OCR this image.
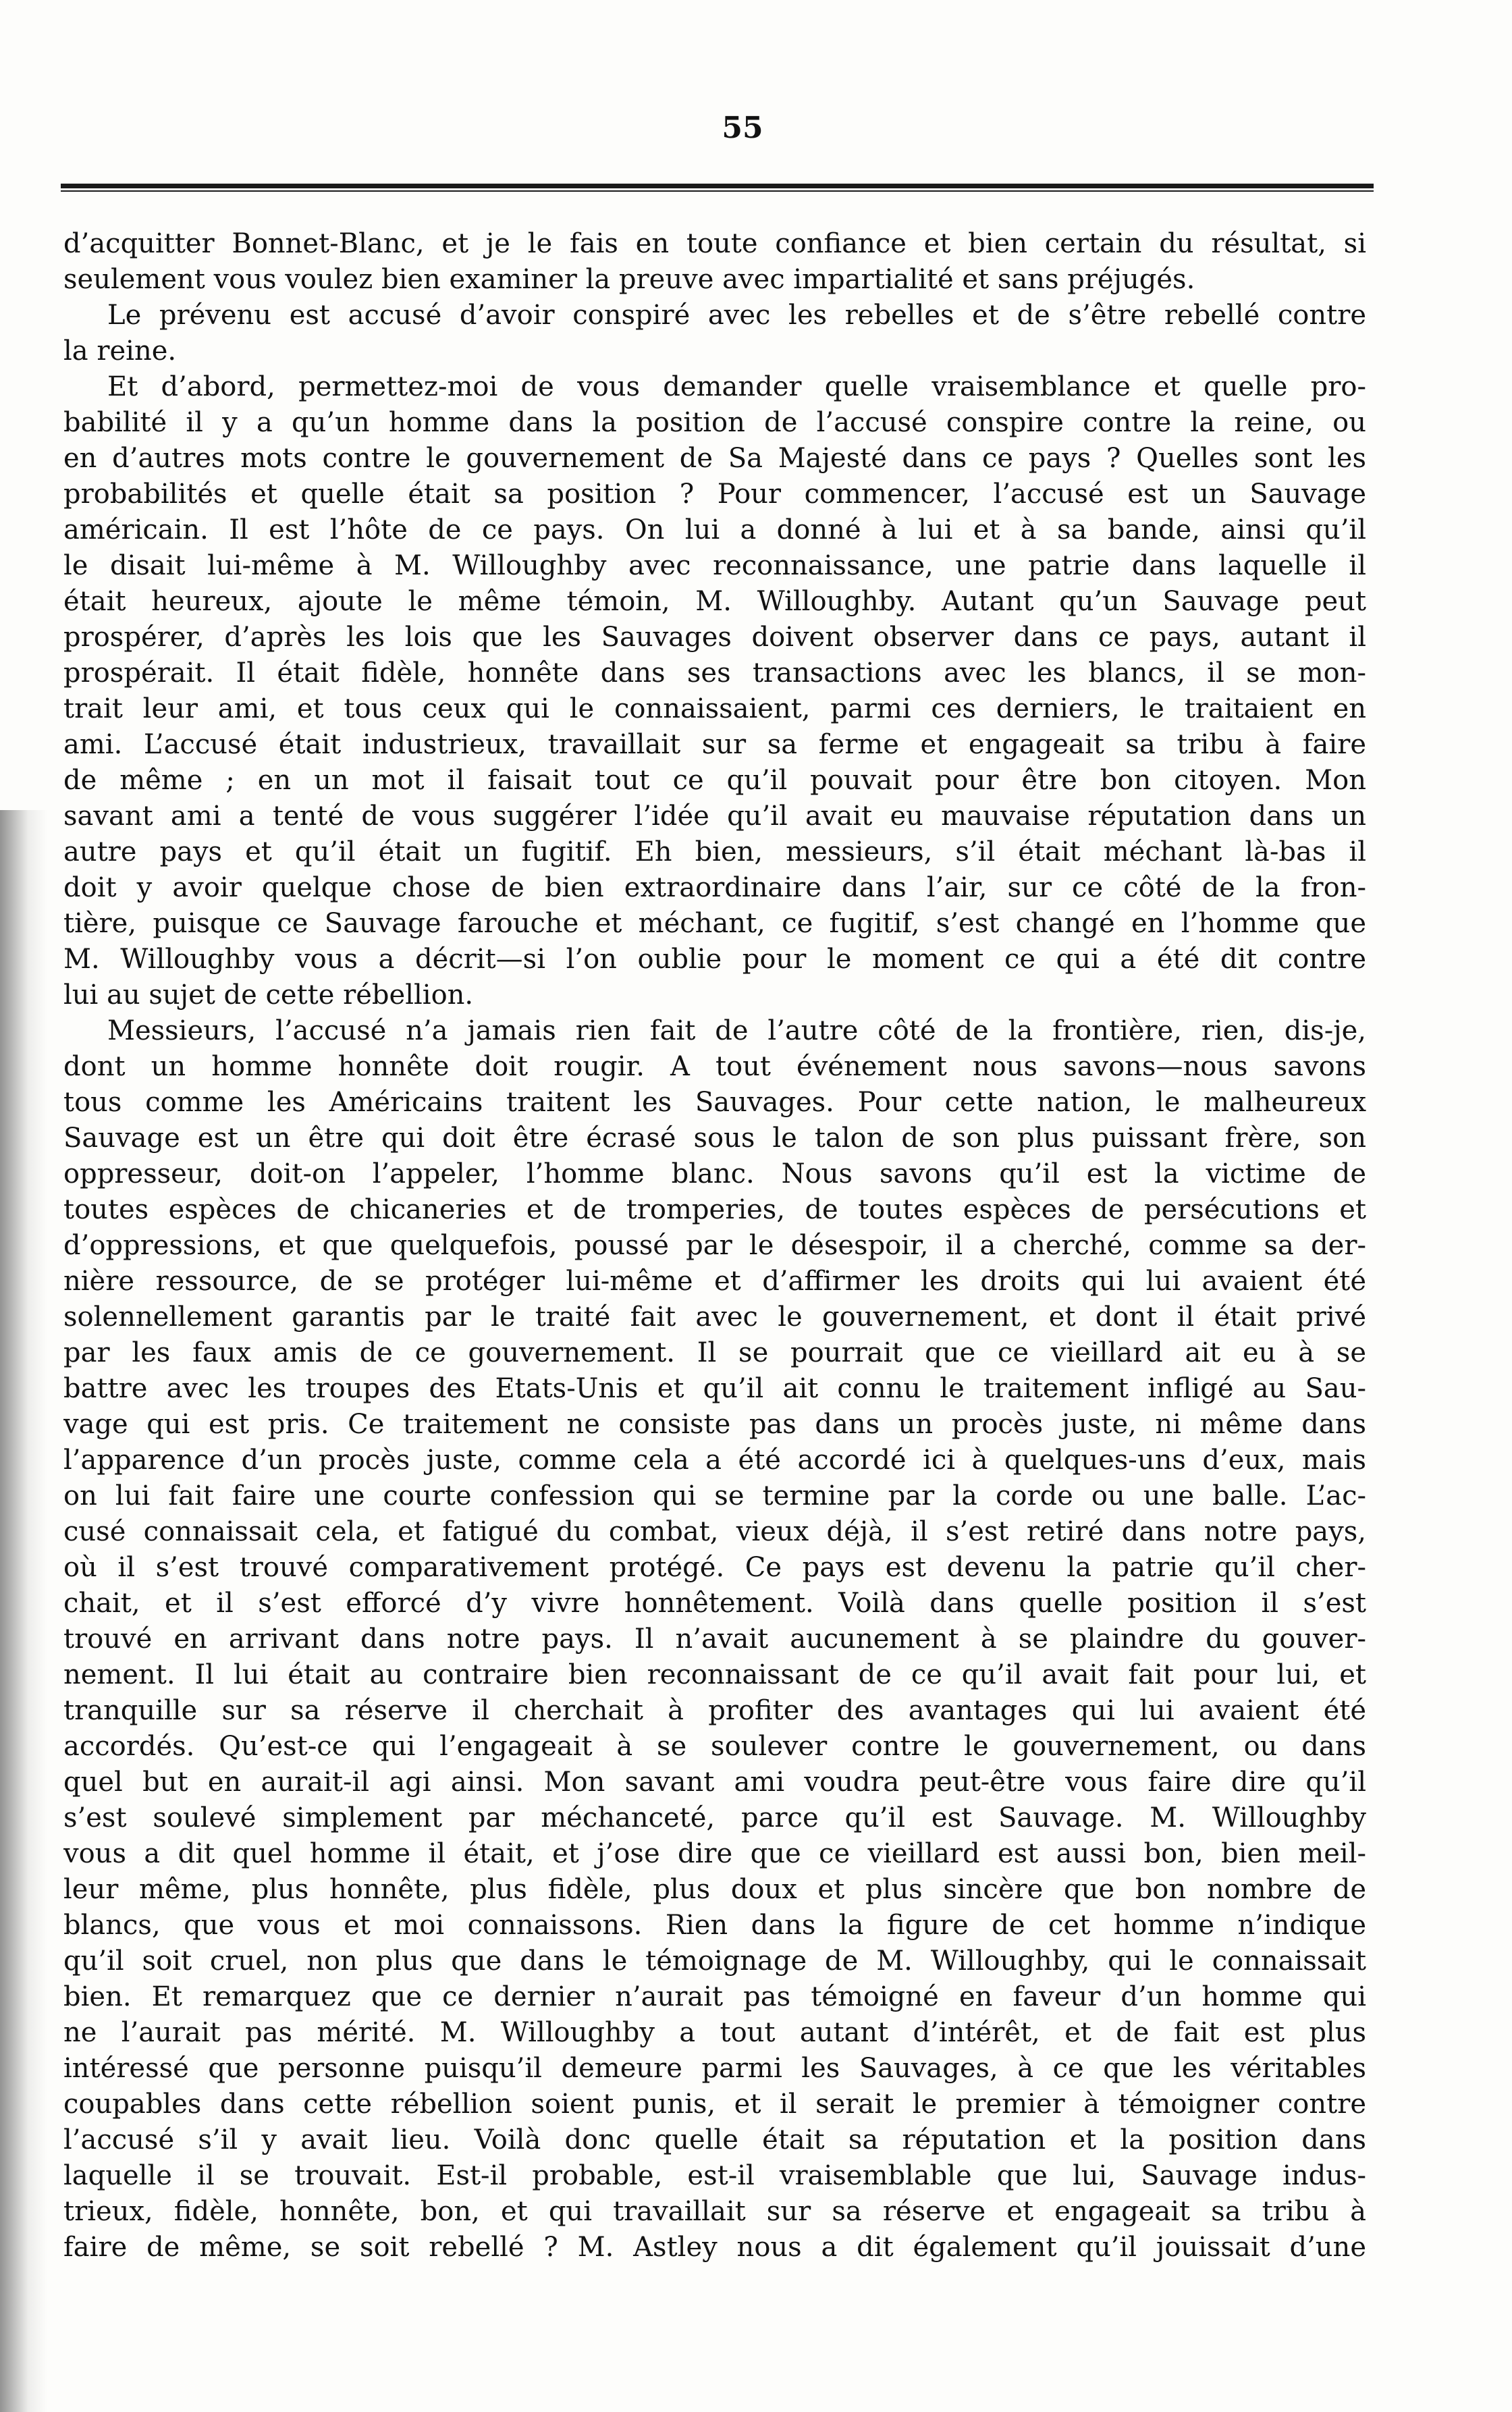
55
d’acquitter Bonnet-Blanc, et je le fais en toute confiance et bien certain du résultat, si
seulement vous voulez bien examiner la preuve avec impartialité et sans préjugés.
Le prévenu est accusé d’avoir conspiré avec les rebelles et de s’être rebellé contre
la reine.
Et d’abord, permettez-moi de vous demander quelle vraisemblance et quelle pro-
babilité il y a qu’un homme dans la position de l’accusé conspire contre la reine, ou
en d’autres mots contre le gouvernement de Sa Majesté dans ce pays ? Quelles sont les
probabilités et quelle était sa position ? Pour commencer, l’accusé est un Sauvage
américain. Il est l’hôte de ce pays. On lui a donné à lui et à sa bande, ainsi qu’il
le disait lui-même à M. Willoughby avec reconnaissance, une patrie dans laquelle il
était heureux, ajoute le même témoin, M. Willoughby. Autant qu’un Sauvage peut
prospérer, d’après les lois que les Sauvages doivent observer dans ce pays, autant il
prospérait. Il était fidèle, honnête dans ses transactions avec les blancs, il se mon-
trait leur ami, et tous ceux qui le connaissaient, parmi ces derniers, le traitaient en
ami. L’accusé était industrieux, travaillait sur sa ferme et engageait sa tribu à faire
de même ; en un mot il faisait tout ce qu’il pouvait pour être bon citoyen. Mon
savant ami a tenté de vous suggérer l’idée qu’il avait eu mauvaise réputation dans un
autre pays et qu’il était un fugitif. Eh bien, messieurs, s’il était méchant là-bas il
doit y avoir quelque chose de bien extraordinaire dans l’air, sur ce côté de la fron-
tière, puisque ce Sauvage farouche et méchant, ce fugitif, s’est changé en l’homme que
M. Willoughby vous a décrit—si l’on oublie pour le moment ce qui a été dit contre
lui au sujet de cette rébellion.
Messieurs, l’accusé n’a jamais rien fait de l’autre côté de la frontière, rien, dis-je,
dont un homme honnête doit rougir. A tout événement nous savons—nous savons
tous comme les Américains traitent les Sauvages. Pour cette nation, le malheureux
Sauvage est un être qui doit être écrasé sous le talon de son plus puissant frère, son
oppresseur, doit-on l’appeler, l’homme blanc. Nous savons qu’il est la victime de
toutes espèces de chicaneries et de tromperies, de toutes espèces de persécutions et
d’oppressions, et que quelquefois, poussé par le désespoir, il a cherché, comme sa der-
nière ressource, de se protéger lui-même et d’affirmer les droits qui lui avaient été
solennellement garantis par le traité fait avec le gouvernement, et dont il était privé
par les faux amis de ce gouvernement. Il se pourrait que ce vieillard ait eu à se
battre avec les troupes des Etats-Unis et qu’il ait connu le traitement infligé au Sau-
vage qui est pris. Ce traitement ne consiste pas dans un procès juste, ni même dans
l’apparence d’un procès juste, comme cela a été accordé ici à quelques-uns d’eux, mais
on lui fait faire une courte confession qui se termine par la corde ou une balle. L’ac-
cusé connaissait cela, et fatigué du combat, vieux déjà, il s’est retiré dans notre pays,
où il s’est trouvé comparativement protégé. Ce pays est devenu la patrie qu’il cher-
chait, et il s’est efforcé d’y vivre honnêtement. Voilà dans quelle position il s’est
trouvé en arrivant dans notre pays. Il n’avait aucunement à se plaindre du gouver-
nement. Il lui était au contraire bien reconnaissant de ce qu’il avait fait pour lui, et
tranquille sur sa réserve il cherchait à profiter des avantages qui lui avaient été
accordés. Qu’est-ce qui l’engageait à se soulever contre le gouvernement, ou dans
quel but en aurait-il agi ainsi. Mon savant ami voudra peut-être vous faire dire qu’il
s’est soulevé simplement par méchanceté, parce qu’il est Sauvage. M. Willoughby
vous a dit quel homme il était, et j’ose dire que ce vieillard est aussi bon, bien meil-
leur même, plus honnête, plus fidèle, plus doux et plus sincère que bon nombre de
blancs, que vous et moi connaissons. Rien dans la figure de cet homme n’indique
qu’il soit cruel, non plus que dans le témoignage de M. Willoughby, qui le connaissait
bien. Et remarquez que ce dernier n’aurait pas témoigné en faveur d’un homme qui
ne l’aurait pas mérité. M. Willoughby a tout autant d’intérêt, et de fait est plus
intéressé que personne puisqu’il demeure parmi les Sauvages, à ce que les véritables
coupables dans cette rébellion soient punis, et il serait le premier à témoigner contre
l’accusé s’il y avait lieu. Voilà donc quelle était sa réputation et la position dans
laquelle il se trouvait. Est-il probable, est-il vraisemblable que lui, Sauvage indus-
trieux, fidèle, honnête, bon, et qui travaillait sur sa réserve et engageait sa tribu à
faire de même, se soit rebellé ? M. Astley nous a dit également qu’il jouissait d’une
